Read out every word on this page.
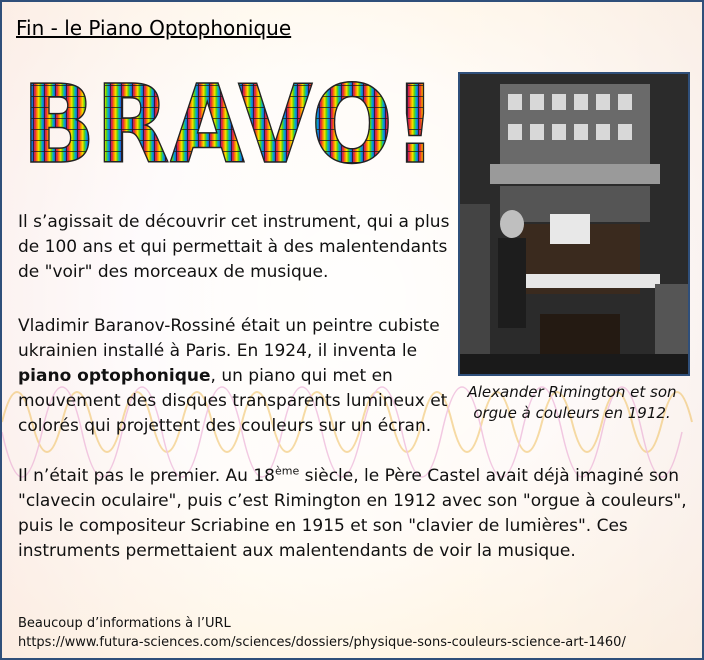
Fin - le Piano Optophonique
BRAVO!
Alexander Rimington et son orgue à couleurs en 1912.
Il s’agissait de découvrir cet instrument, qui a plus de 100 ans et qui permettait à des malentendants de "voir" des morceaux de musique.
Vladimir Baranov-Rossiné était un peintre cubiste ukrainien installé à Paris. En 1924, il inventa le piano optophonique, un piano qui met en mouvement des disques transparents lumineux et colorés qui projettent des couleurs sur un écran.
Il n’était pas le premier. Au 18ème siècle, le Père Castel avait déjà imaginé son "clavecin oculaire", puis c’est Rimington en 1912 avec son "orgue à couleurs", puis le compositeur Scriabine en 1915 et son "clavier de lumières". Ces instruments permettaient aux malentendants de voir la musique.
Beaucoup d’informations à l’URL
https://www.futura-sciences.com/sciences/dossiers/physique-sons-couleurs-science-art-1460/
